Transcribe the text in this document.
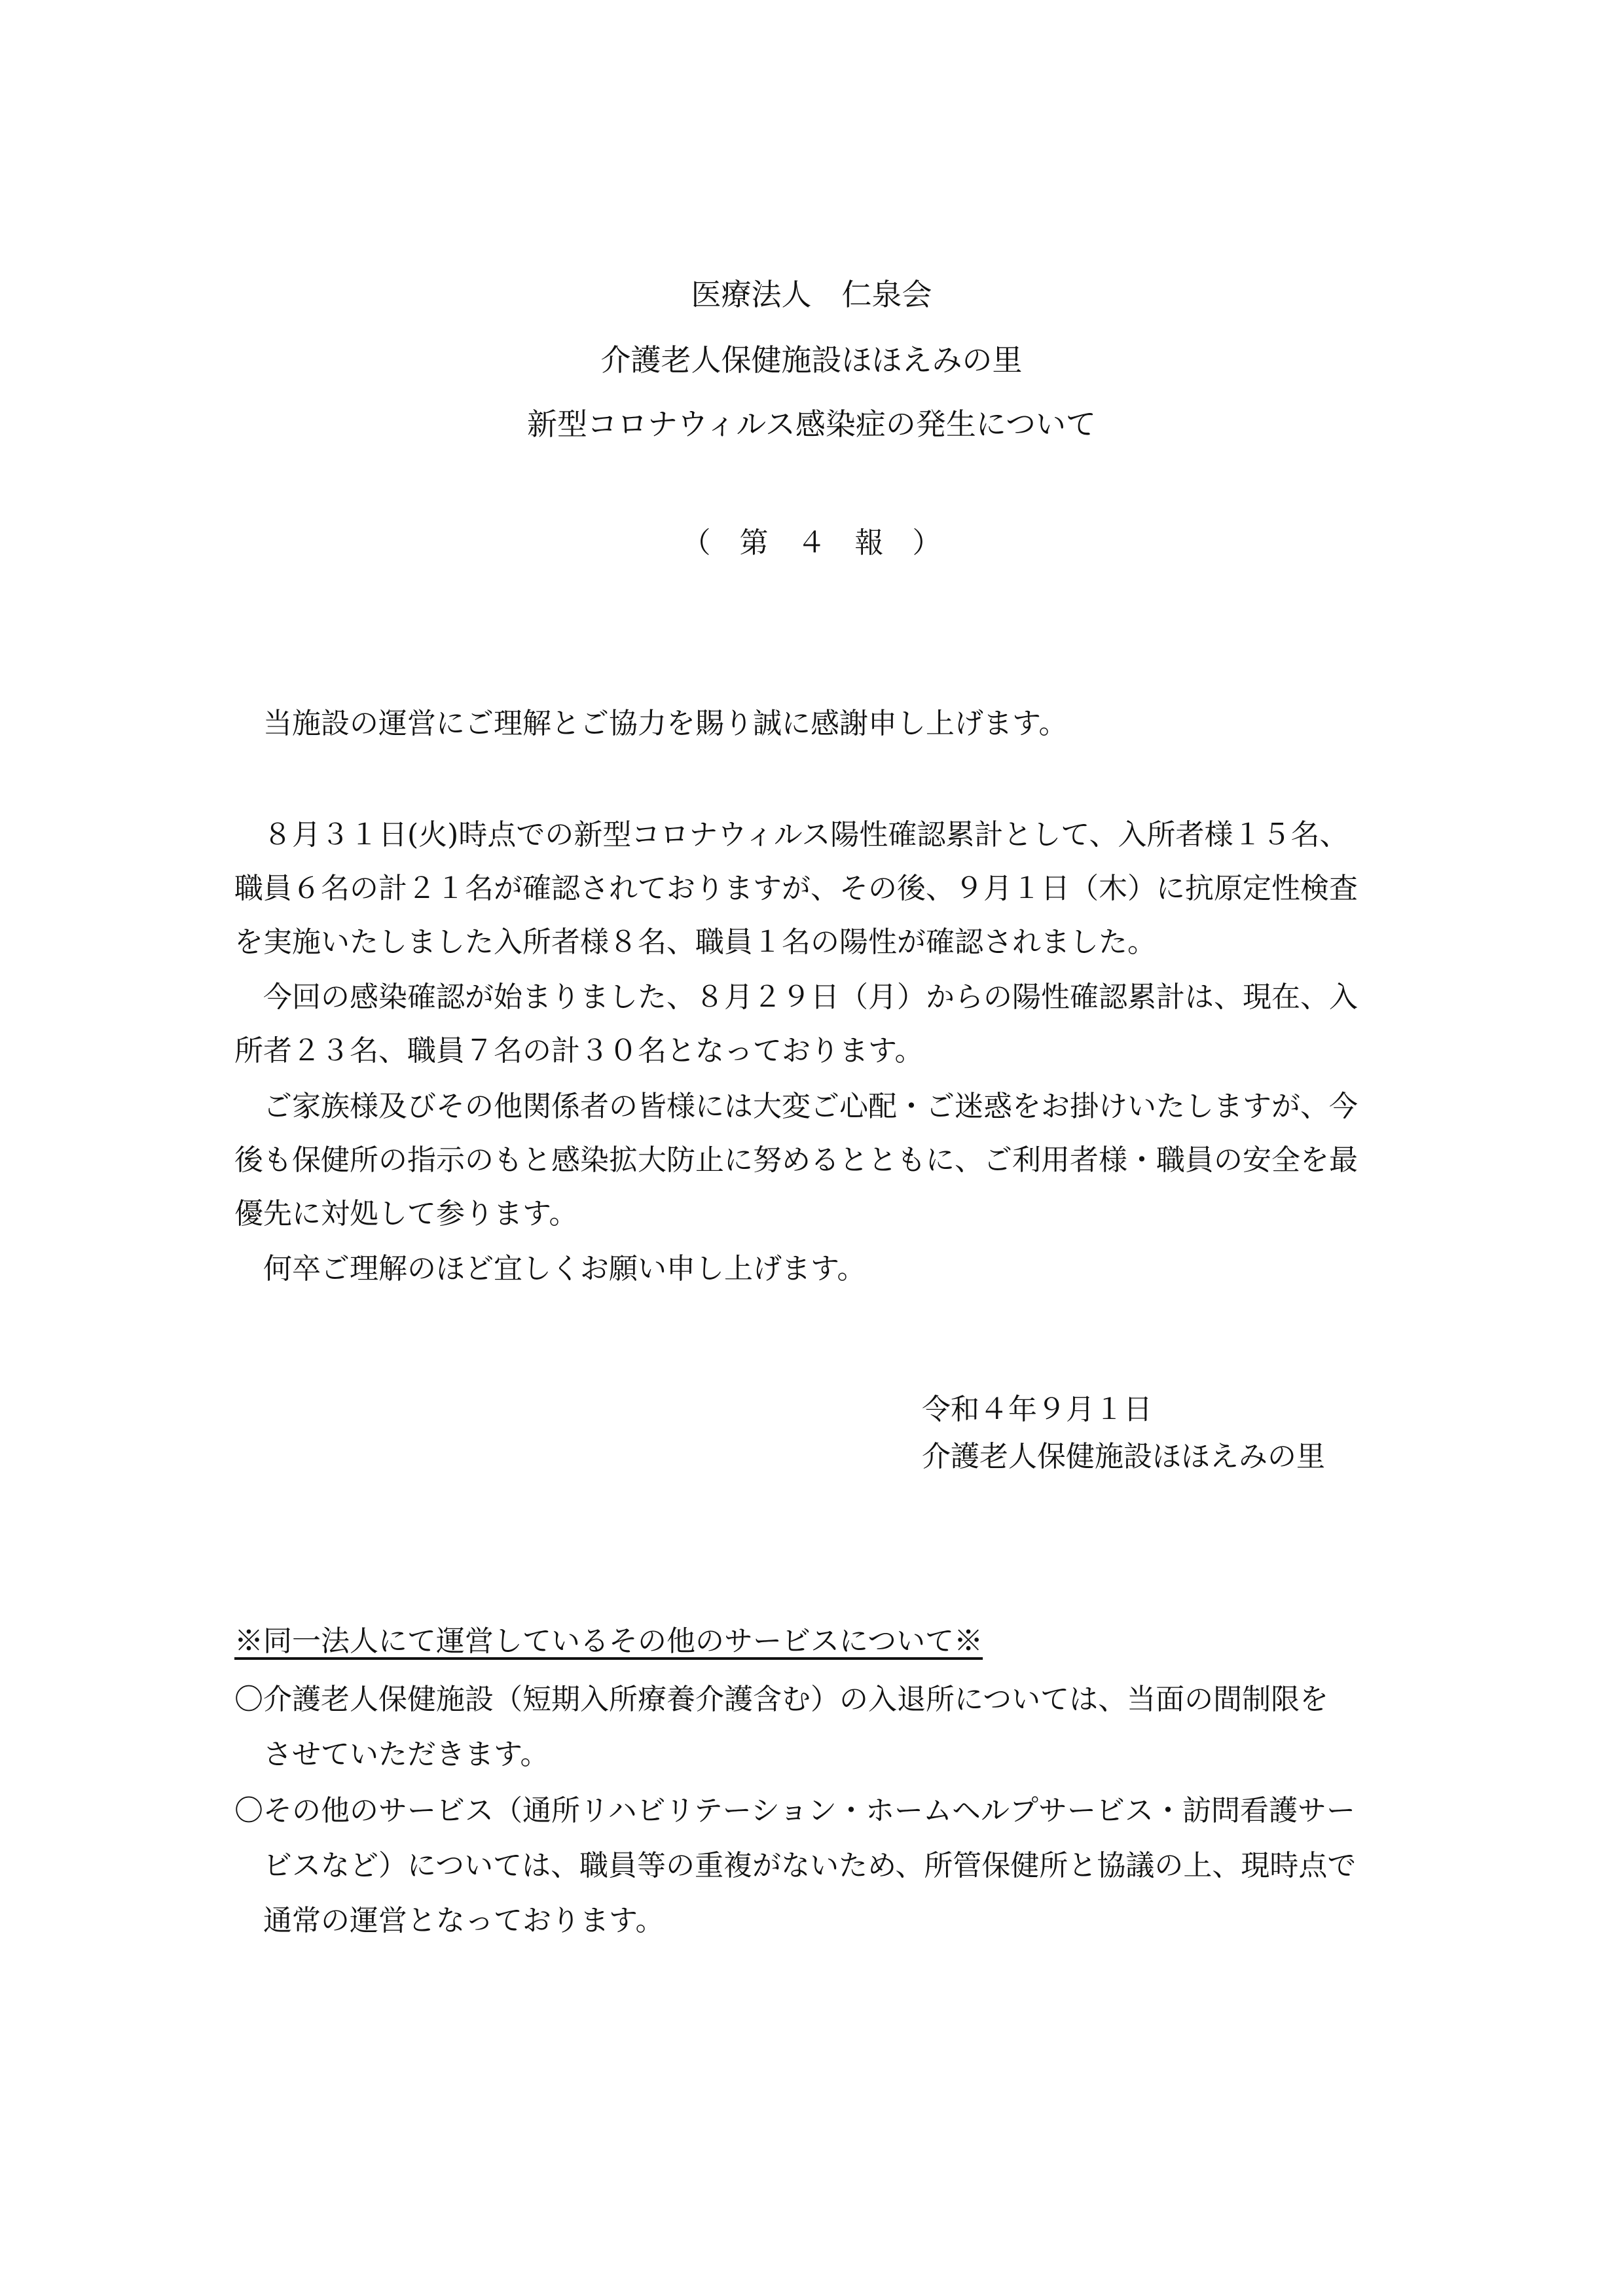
医療法人　仁泉会
介護老人保健施設ほほえみの里
新型コロナウィルス感染症の発生について
（　第　４　報　）
　当施設の運営にご理解とご協力を賜り誠に感謝申し上げます。
　８月３１日(火)時点での新型コロナウィルス陽性確認累計として、入所者様１５名、
職員６名の計２１名が確認されておりますが、その後、９月１日（木）に抗原定性検査
を実施いたしました入所者様８名、職員１名の陽性が確認されました。
　今回の感染確認が始まりました、８月２９日（月）からの陽性確認累計は、現在、入
所者２３名、職員７名の計３０名となっております。
　ご家族様及びその他関係者の皆様には大変ご心配・ご迷惑をお掛けいたしますが、今
後も保健所の指示のもと感染拡大防止に努めるとともに、ご利用者様・職員の安全を最
優先に対処して参ります。
　何卒ご理解のほど宜しくお願い申し上げます。
令和４年９月１日
介護老人保健施設ほほえみの里
※同一法人にて運営しているその他のサービスについて※
〇介護老人保健施設（短期入所療養介護含む）の入退所については、当面の間制限を
させていただきます。
〇その他のサービス（通所リハビリテーション・ホームヘルプサービス・訪問看護サー
ビスなど）については、職員等の重複がないため、所管保健所と協議の上、現時点で
通常の運営となっております。
